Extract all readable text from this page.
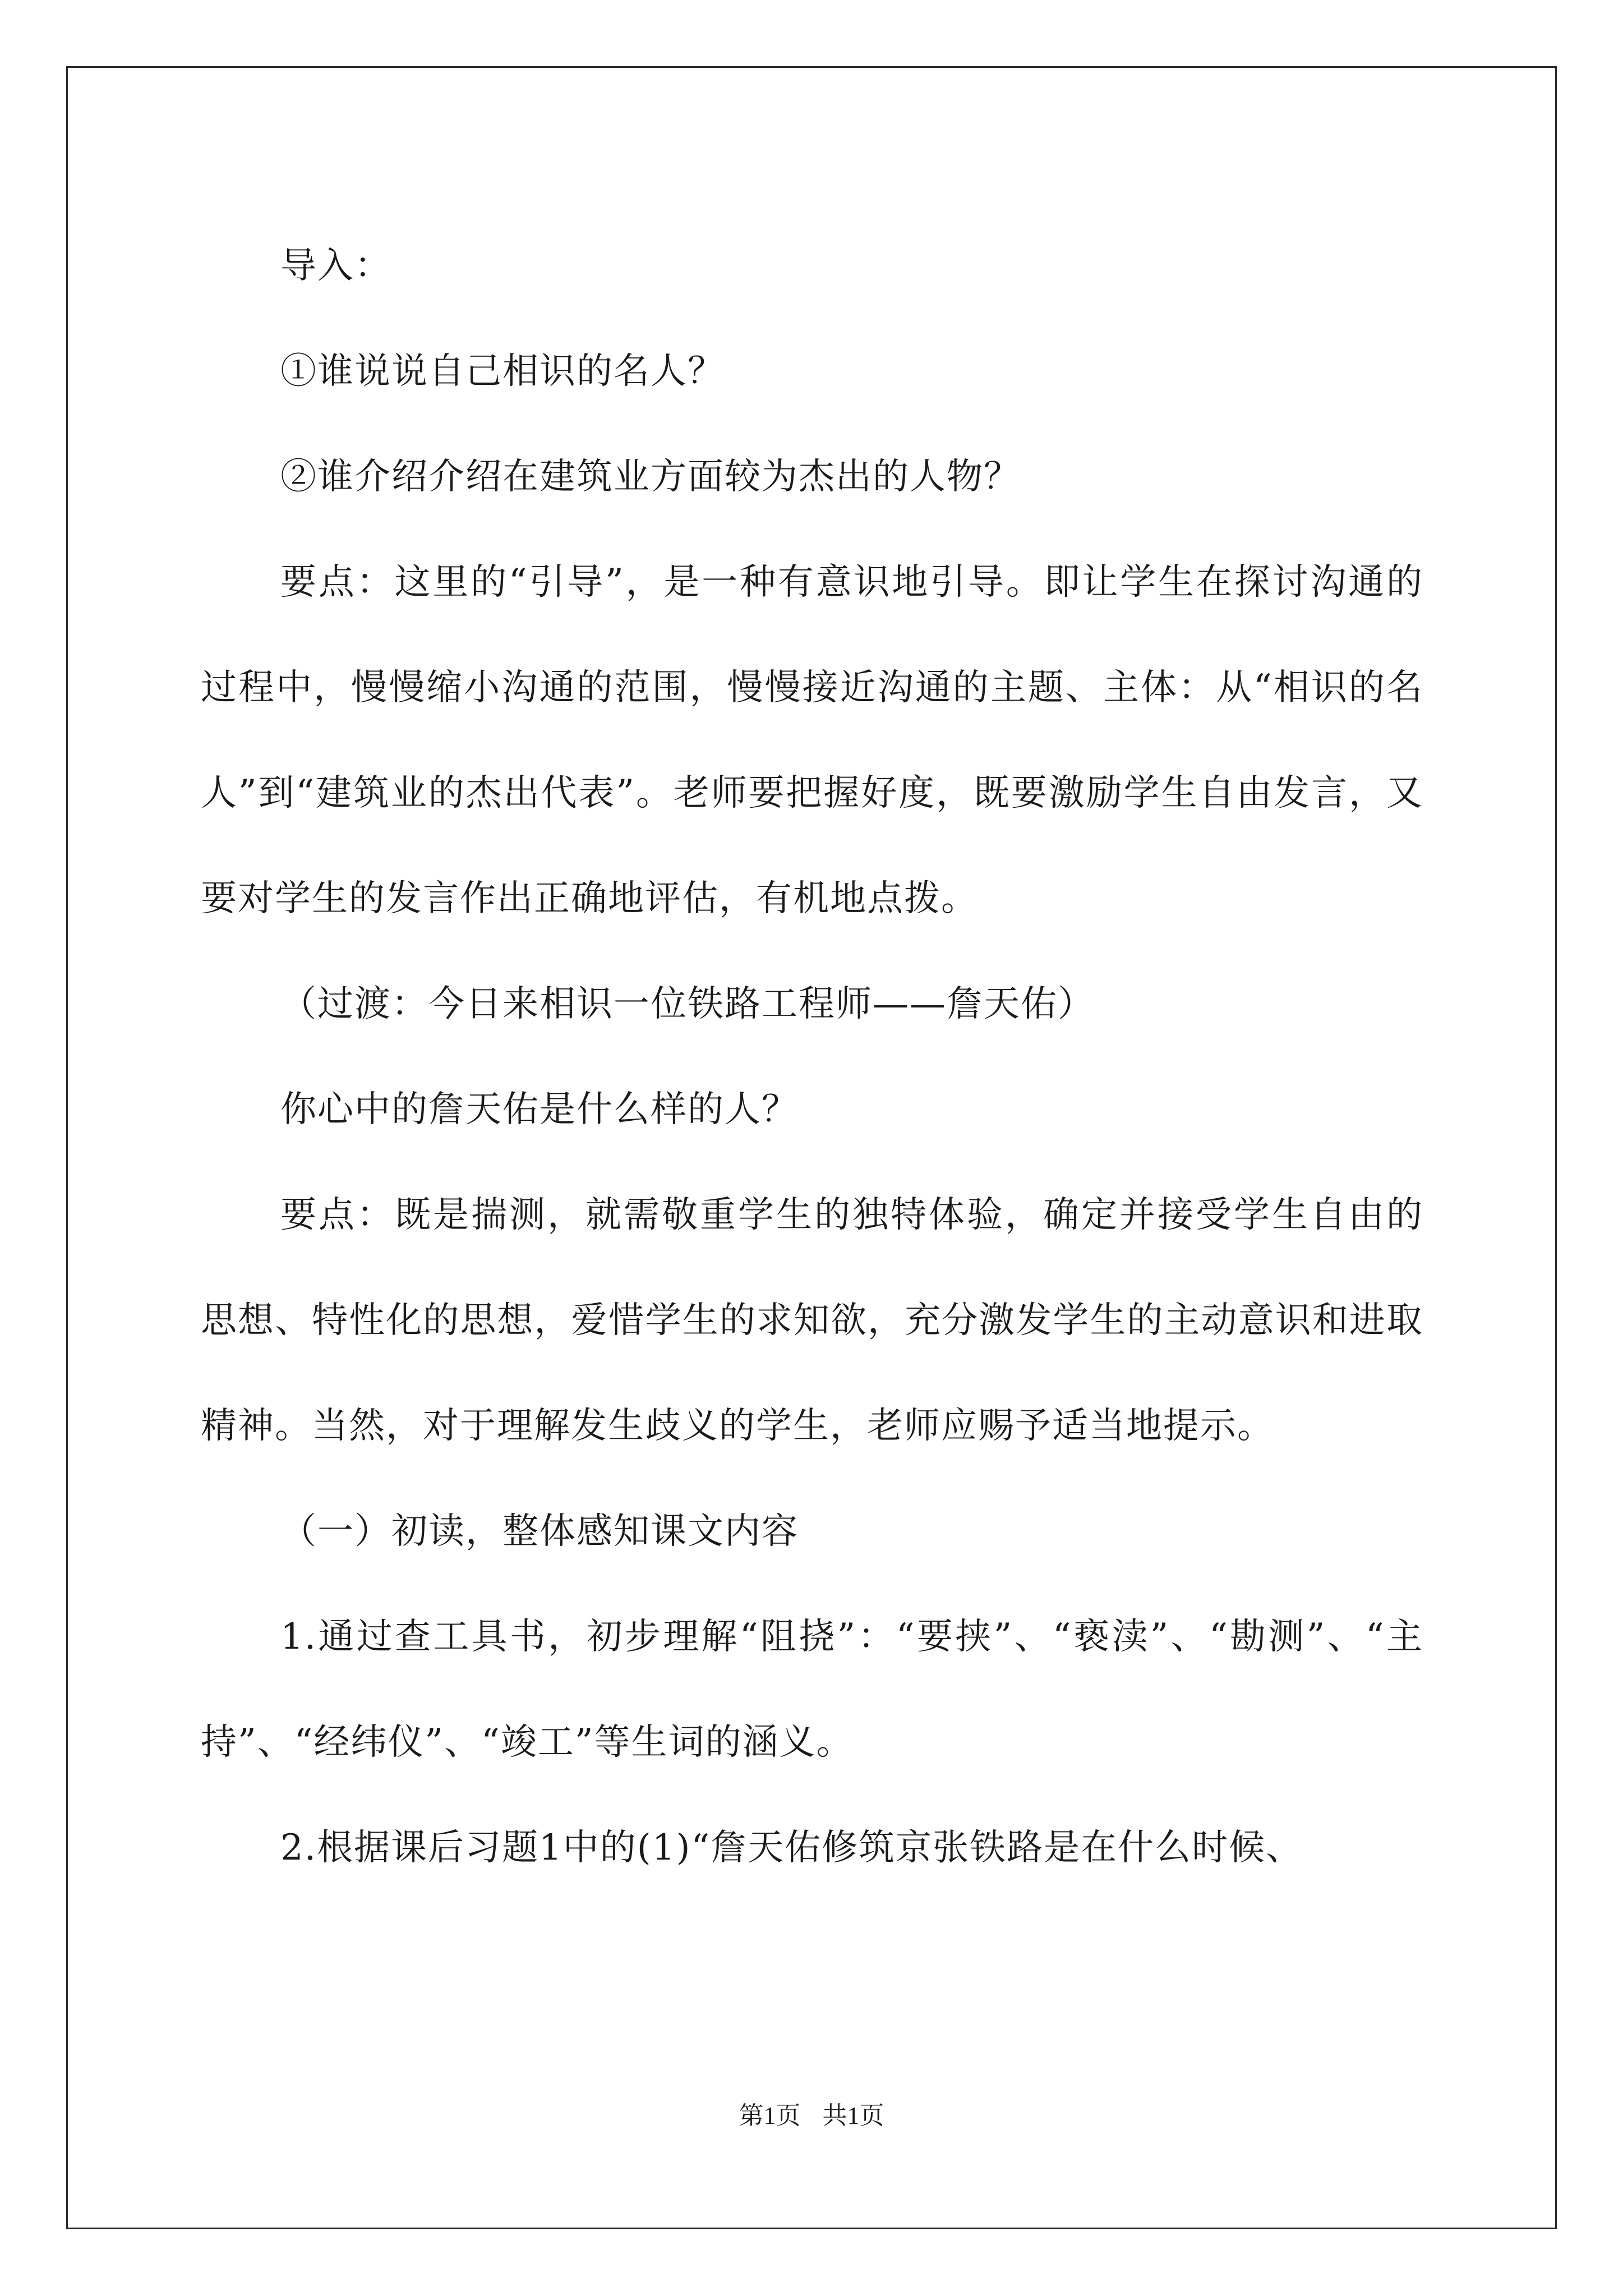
导入：

①谁说说自己相识的名人？

②谁介绍介绍在建筑业方面较为杰出的人物？

要点：这里的“引导”，是一种有意识地引导。即让学生在探讨沟通的过程中，慢慢缩小沟通的范围，慢慢接近沟通的主题、主体：从“相识的名人”到“建筑业的杰出代表”。老师要把握好度，既要激励学生自由发言，又要对学生的发言作出正确地评估，有机地点拨。

（过渡：今日来相识一位铁路工程师——詹天佑）

你心中的詹天佑是什么样的人？

要点：既是揣测，就需敬重学生的独特体验，确定并接受学生自由的思想、特性化的思想，爱惜学生的求知欲，充分激发学生的主动意识和进取精神。当然，对于理解发生歧义的学生，老师应赐予适当地提示。

（一）初读，整体感知课文内容

1.通过查工具书，初步理解“阻挠”：“要挟”、“亵渎”、“勘测”、“主持”、“经纬仪”、“竣工”等生词的涵义。

2.根据课后习题1中的(1)“詹天佑修筑京张铁路是在什么时候、

第1页 共1页
